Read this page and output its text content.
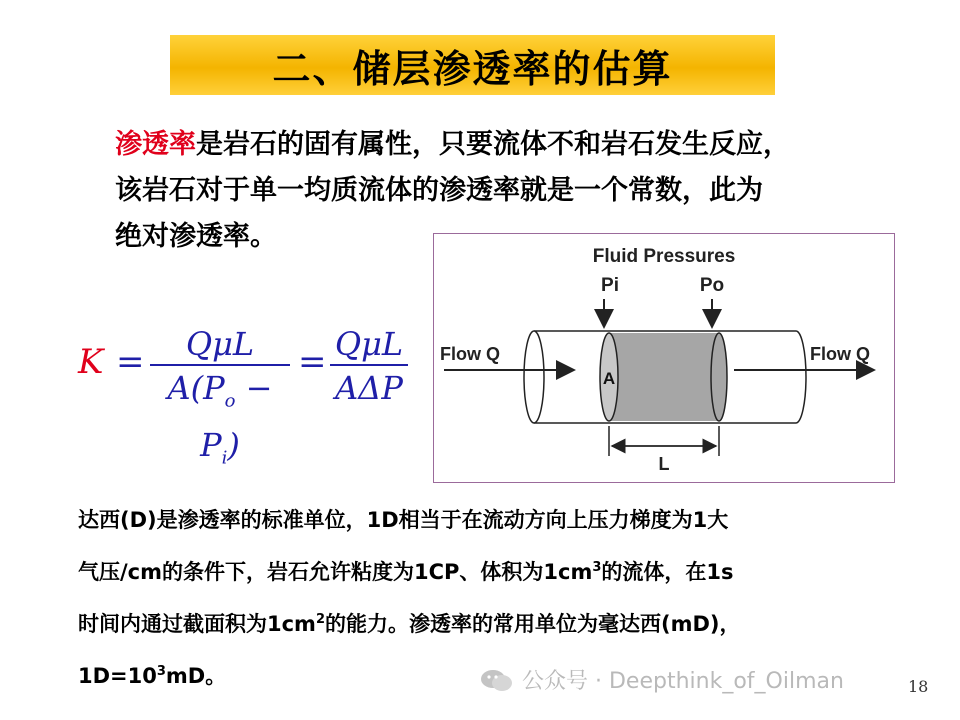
二、储层渗透率的估算
渗透率是岩石的固有属性，只要流体不和岩石发生反应，
该岩石对于单一均质流体的渗透率就是一个常数，此为
绝对渗透率。
K =	QμL
$A(P_o - P_i)$
= QμL
AΔP
Fluid Pressures
Pi	Po
A
Flow Q	Flow Q
L
达西(D)是渗透率的标准单位，1D相当于在流动方向上压力梯度为1大
气压/cm的条件下，岩石允许粘度为1CP、体积为$1cm^3$的流体，在1s
时间内通过截面积为$1cm^2$的能力。渗透率的常用单位为毫达西(mD)，
$1D=10^3mD$。	公众号 · Deepthink_of_Oilman	18
